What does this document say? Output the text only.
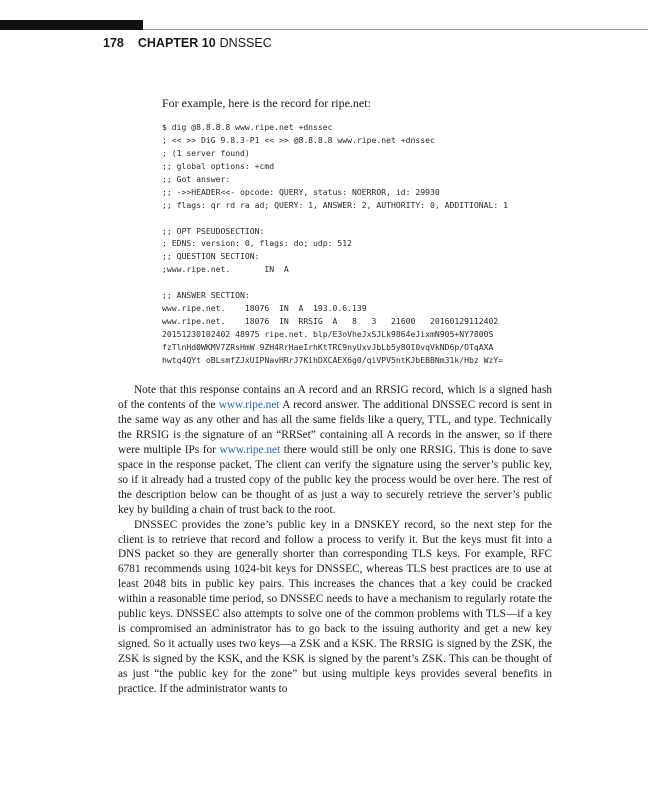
178 CHAPTER 10 DNSSEC
For example, here is the record for ripe.net:
$ dig @8.8.8.8 www.ripe.net +dnssec
; << >> DiG 9.8.3-P1 << >> @8.8.8.8 www.ripe.net +dnssec
; (1 server found)
;; global options: +cmd
;; Got answer:
;; ->>HEADER<<- opcode: QUERY, status: NOERROR, id: 29930
;; flags: qr rd ra ad; QUERY: 1, ANSWER: 2, AUTHORITY: 0, ADDITIONAL: 1
;; OPT PSEUDOSECTION:
; EDNS: version: 0, flags: do; udp: 512
;; QUESTION SECTION:
;www.ripe.net.       IN  A
;; ANSWER SECTION:
www.ripe.net.    18076  IN  A  193.0.6.139
www.ripe.net.    18076  IN  RRSIG  A   8   3   21600   20160129112402
20151230102402 48975 ripe.net. blp/E3oVheJxSJLk9864eJixmN905+NY7800S
fzTlnHd0WKMV7ZRsHmW 9ZH4RrHaeIrhKtTRC9nyUxvJbLb5y80I0vqVkND6p/OTqAXA
hwtq4QYt oBLsmfZJxUIPNavHRrJ7KihDXCAEX6g0/qiVPV5ntKJbEBBNm31k/Hbz WzY=

Note that this response contains an A record and an RRSIG record, which is a signed hash of the contents of the www.ripe.net A record answer. The additional DNSSEC record is sent in the same way as any other and has all the same fields like a query, TTL, and type. Technically the RRSIG is the signature of an “RRSet” containing all A records in the answer, so if there were multiple IPs for www.ripe.net there would still be only one RRSIG. This is done to save space in the response packet. The client can verify the signature using the server’s public key, so if it already had a trusted copy of the public key the process would be over here. The rest of the description below can be thought of as just a way to securely retrieve the server’s public key by building a chain of trust back to the root.

DNSSEC provides the zone’s public key in a DNSKEY record, so the next step for the client is to retrieve that record and follow a process to verify it. But the keys must fit into a DNS packet so they are generally shorter than corresponding TLS keys. For example, RFC 6781 recommends using 1024-bit keys for DNSSEC, whereas TLS best practices are to use at least 2048 bits in public key pairs. This increases the chances that a key could be cracked within a reasonable time period, so DNSSEC needs to have a mechanism to regularly rotate the public keys. DNSSEC also attempts to solve one of the common problems with TLS—if a key is compromised an administrator has to go back to the issuing authority and get a new key signed. So it actually uses two keys—a ZSK and a KSK. The RRSIG is signed by the ZSK, the ZSK is signed by the KSK, and the KSK is signed by the parent’s ZSK. This can be thought of as just “the public key for the zone” but using multiple keys provides several benefits in practice. If the administrator wants to
